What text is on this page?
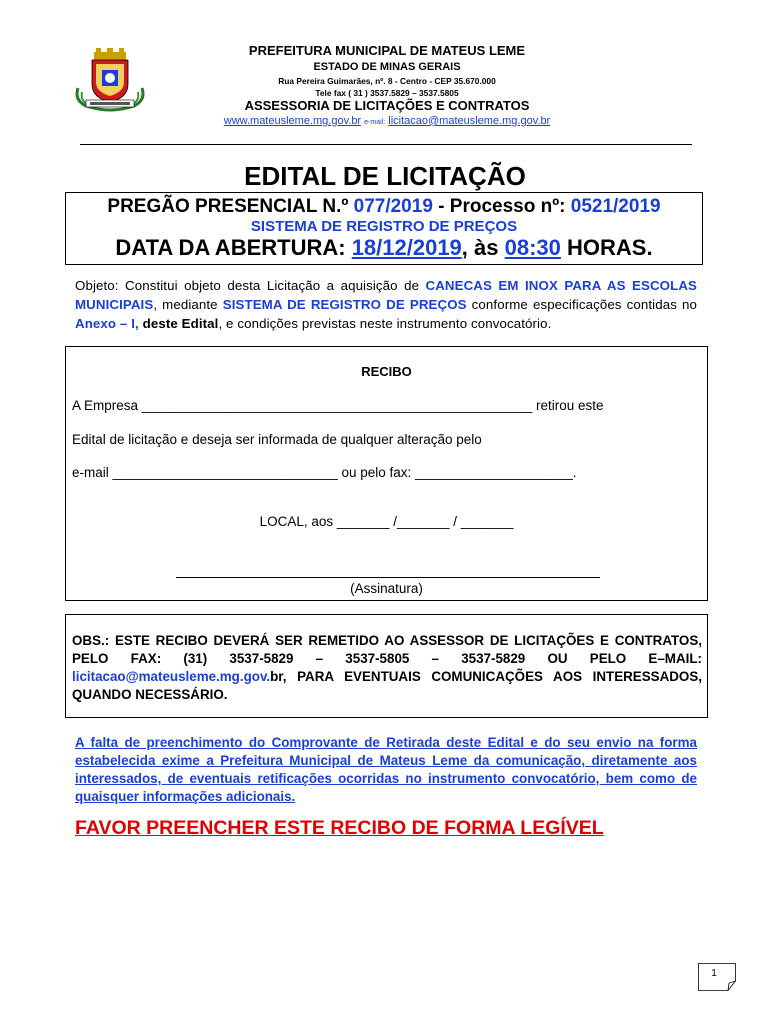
PREFEITURA MUNICIPAL DE MATEUS LEME
ESTADO DE MINAS GERAIS
Rua Pereira Guimarães, nº. 8 - Centro - CEP 35.670.000
Tele fax ( 31 ) 3537.5829 – 3537.5805
ASSESSORIA DE LICITAÇÕES E CONTRATOS
www.mateusleme.mg.gov.br e-mail: licitacao@mateusleme.mg.gov.br
EDITAL DE LICITAÇÃO
PREGÃO PRESENCIAL N.º 077/2019 - Processo nº: 0521/2019
SISTEMA DE REGISTRO DE PREÇOS
DATA DA ABERTURA: 18/12/2019, às 08:30 HORAS.
Objeto: Constitui objeto desta Licitação a aquisição de CANECAS EM INOX PARA AS ESCOLAS MUNICIPAIS, mediante SISTEMA DE REGISTRO DE PREÇOS conforme especificações contidas no Anexo – I, deste Edital, e condições previstas neste instrumento convocatório.
RECIBO
A Empresa ____________________________________________________ retirou este
Edital de licitação e deseja ser informada de qualquer alteração pelo
e-mail ______________________________ ou pelo fax: _____________________.
LOCAL, aos _______ /_______ / _______
(Assinatura)
OBS.: ESTE RECIBO DEVERÁ SER REMETIDO AO ASSESSOR DE LICITAÇÕES E CONTRATOS, PELO FAX: (31) 3537-5829 – 3537-5805 – 3537-5829 OU PELO E–MAIL: licitacao@mateusleme.mg.gov.br, PARA EVENTUAIS COMUNICAÇÕES AOS INTERESSADOS, QUANDO NECESSÁRIO.
A falta de preenchimento do Comprovante de Retirada deste Edital e do seu envio na forma estabelecida exime a Prefeitura Municipal de Mateus Leme da comunicação, diretamente aos interessados, de eventuais retificações ocorridas no instrumento convocatório, bem como de quaisquer informações adicionais.
FAVOR PREENCHER ESTE RECIBO DE FORMA LEGÍVEL
1
